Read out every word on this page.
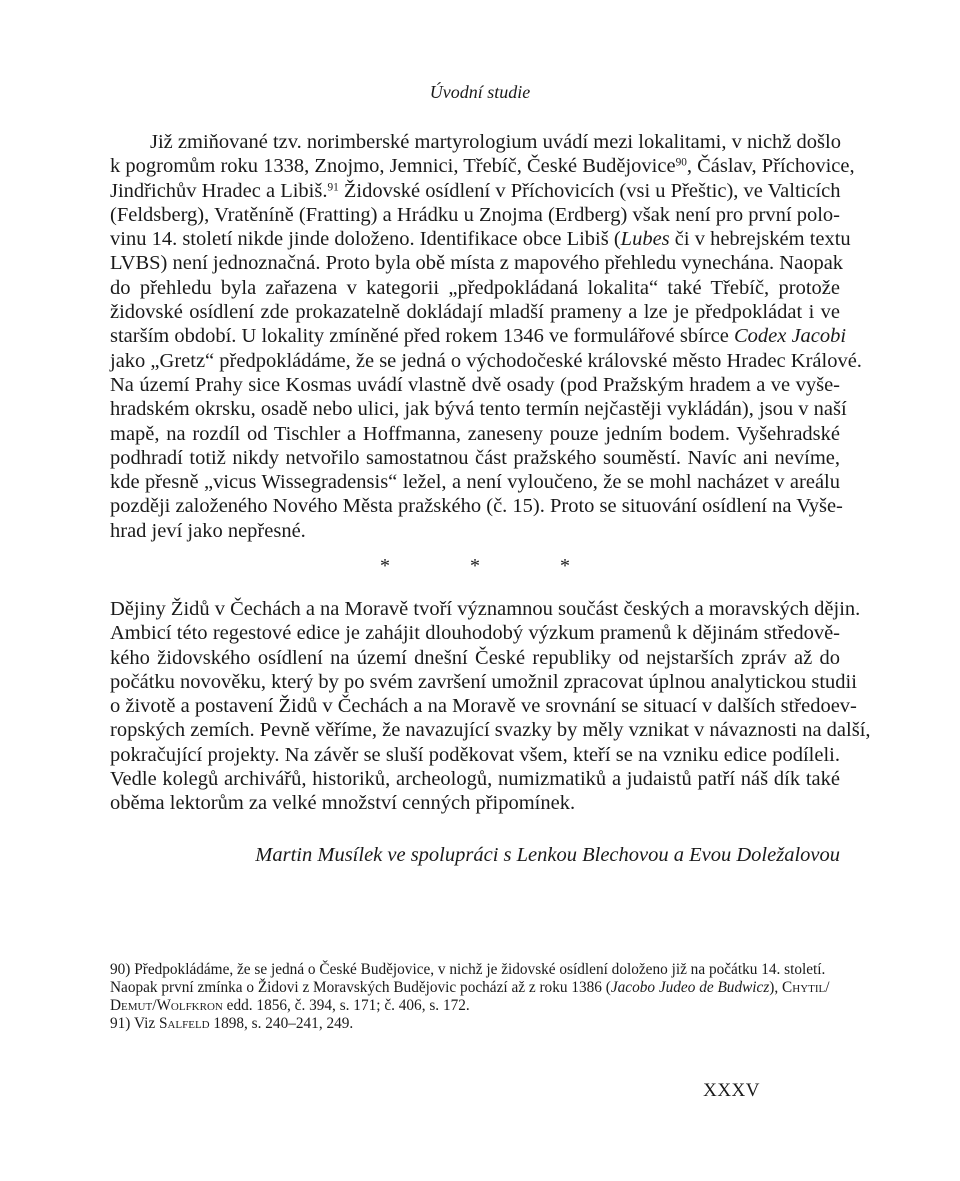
Úvodní studie
Již zmiňované tzv. norimberské martyrologium uvádí mezi lokalitami, v nichž došlo
k pogromům roku 1338, Znojmo, Jemnici, Třebíč, České Budějovice$^{90}$, Čáslav, Příchovice,
Jindřichův Hradec a Libiš.$^{91}$ Židovské osídlení v Příchovicích (vsi u Přeštic), ve Valticích
(Feldsberg), Vratěníně (Fratting) a Hrádku u Znojma (Erdberg) však není pro první polo-
vinu 14. století nikde jinde doloženo. Identifikace obce Libiš (Lubes či v hebrejském textu
LVBS) není jednoznačná. Proto byla obě místa z mapového přehledu vynechána. Naopak
do přehledu byla zařazena v kategorii „předpokládaná lokalita“ také Třebíč, protože
židovské osídlení zde prokazatelně dokládají mladší prameny a lze je předpokládat i ve
starším období. U lokality zmíněné před rokem 1346 ve formulářové sbírce Codex Jacobi
jako „Gretz“ předpokládáme, že se jedná o východočeské královské město Hradec Králové.
Na území Prahy sice Kosmas uvádí vlastně dvě osady (pod Pražským hradem a ve vyše-
hradském okrsku, osadě nebo ulici, jak bývá tento termín nejčastěji vykládán), jsou v naší
mapě, na rozdíl od Tischler a Hoffmanna, zaneseny pouze jedním bodem. Vyšehradské
podhradí totiž nikdy netvořilo samostatnou část pražského souměstí. Navíc ani nevíme,
kde přesně „vicus Wissegradensis“ ležel, a není vyloučeno, že se mohl nacházet v areálu
později založeného Nového Města pražského (č. 15). Proto se situování osídlení na Vyše-
hrad jeví jako nepřesné.
*	*	*
Dějiny Židů v Čechách a na Moravě tvoří významnou součást českých a moravských dějin.
Ambicí této regestové edice je zahájit dlouhodobý výzkum pramenů k dějinám středově-
kého židovského osídlení na území dnešní České republiky od nejstarších zpráv až do
počátku novověku, který by po svém završení umožnil zpracovat úplnou analytickou studii
o životě a postavení Židů v Čechách a na Moravě ve srovnání se situací v dalších středoev-
ropských zemích. Pevně věříme, že navazující svazky by měly vznikat v návaznosti na další,
pokračující projekty. Na závěr se sluší poděkovat všem, kteří se na vzniku edice podíleli.
Vedle kolegů archivářů, historiků, archeologů, numizmatiků a judaistů patří náš dík také
oběma lektorům za velké množství cenných připomínek.
Martin Musílek ve spolupráci s Lenkou Blechovou a Evou Doležalovou
90) Předpokládáme, že se jedná o České Budějovice, v nichž je židovské osídlení doloženo již na počátku 14. století.
Naopak první zmínka o Židovi z Moravských Budějovic pochází až z roku 1386 (Jacobo Judeo de Budwicz), Chytil/
Demut/Wolfkron edd. 1856, č. 394, s. 171; č. 406, s. 172.
91) Viz Salfeld 1898, s. 240–241, 249.
XXXV
